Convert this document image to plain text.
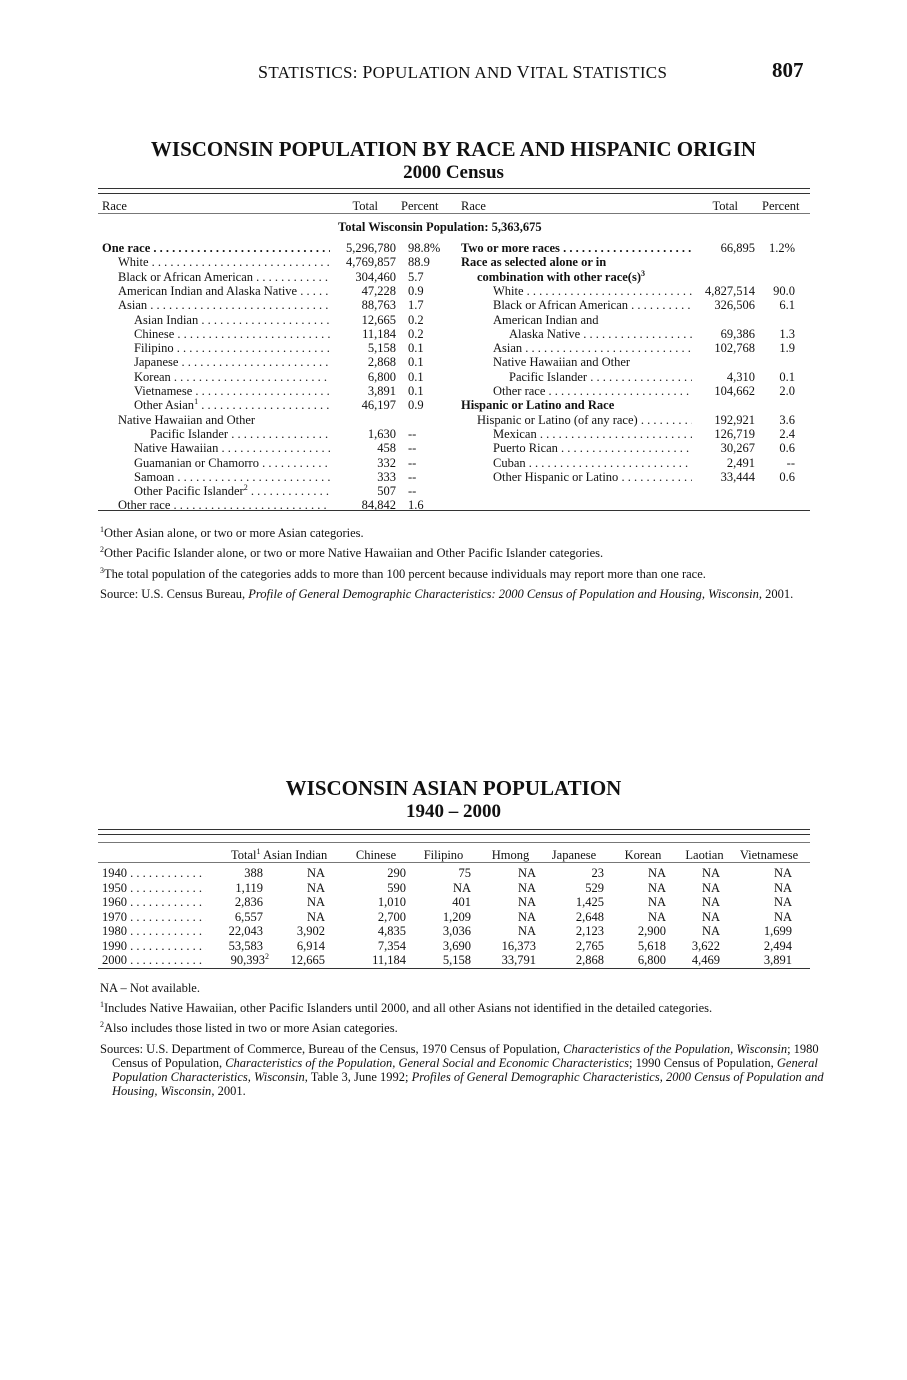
STATISTICS: POPULATION AND VITAL STATISTICS	807
WISCONSIN POPULATION BY RACE AND HISPANIC ORIGIN
2000 Census
Race	Total Percent Race	Total Percent
Total Wisconsin Population: 5,363,675
One race . . .	5,296,780 98.8%
White . . .	4,769,857 88.9
Black or African American . . .	304,460 5.7
American Indian and Alaska Native . . .	47,228 0.9
Asian . . .	88,763 1.7
Asian Indian . . .	12,665 0.2
Chinese . . .	11,184 0.2
Filipino . . .	5,158 0.1
Japanese . . .	2,868 0.1
Korean . . .	6,800 0.1
Vietnamese . . .	3,891 0.1
Other Asian$^1$ . . .	46,197 0.9
Native Hawaiian and Other
Pacific Islander . . .	1,630 --
Native Hawaiian . . .	458 --
Guamanian or Chamorro . . .	332 --
Samoan . . .	333 --
Other Pacific Islander$^2$ . . .	507 --
Other race . . .	84,842 1.6
Two or more races . . .	66,895	1.2%
Race as selected alone or in
combination with other $race(s)^3$
White . . .	4,827,514	90.0
Black or African American . . .	326,506	6.1
American Indian and
Alaska Native . . .	69,386	1.3
Asian . . .	102,768	1.9
Native Hawaiian and Other
Pacific Islander . . .	4,310	0.1
Other race . . .	104,662	2.0
Hispanic or Latino and Race
Hispanic or Latino (of any race) . . .	192,921	3.6
Mexican . . .	126,719	2.4
Puerto Rican . . .	30,267	0.6
Cuban . . .	2,491	--
Other Hispanic or Latino . . .	33,444	0.6
$^1$Other Asian alone, or two or more Asian categories.
$^2$Other Pacific Islander alone, or two or more Native Hawaiian and Other Pacific Islander categories.
$^3$The total population of the categories adds to more than 100 percent because individuals may report more than one race.
Source: U.S. Census Bureau, Profile of General Demographic Characteristics: 2000 Census of Population and Housing, Wisconsin, 2001.
WISCONSIN ASIAN POPULATION
1940 – 2000
Total$^1$ Asian Indian	Chinese	Filipino	Hmong	Japanese	Korean	Laotian	Vietnamese
1940 . . .	388	NA	290	75	NA	23	NA	NA	NA
1950 . . .	1,119	NA	590	NA	NA	529	NA	NA	NA
1960 . . .	2,836	NA	1,010	401	NA	1,425	NA	NA	NA
1970 . . .	6,557	NA	2,700	1,209	NA	2,648	NA	NA	NA
1980 . . .	22,043	3,902	4,835	3,036	NA	2,123	2,900	NA	1,699
1990 . . .	53,583	6,914	7,354	3,690	16,373	2,765	5,618	3,622	2,494
2000 . . .	90,393$^2$	12,665	11,184	5,158	33,791	2,868	6,800	4,469	3,891
NA – Not available.
$^1$Includes Native Hawaiian, other Pacific Islanders until 2000, and all other Asians not identified in the detailed categories.
$^2$Also includes those listed in two or more Asian categories.
Sources: U.S. Department of Commerce, Bureau of the Census, 1970 Census of Population, Characteristics of the Population, Wisconsin; 1980 Census of Population, Characteristics of the Population, General Social and Economic Characteristics; 1990 Census of Population, General Population Characteristics, Wisconsin, Table 3, June 1992; Profiles of General Demographic Characteristics, 2000 Census of Population and Housing, Wisconsin, 2001.
